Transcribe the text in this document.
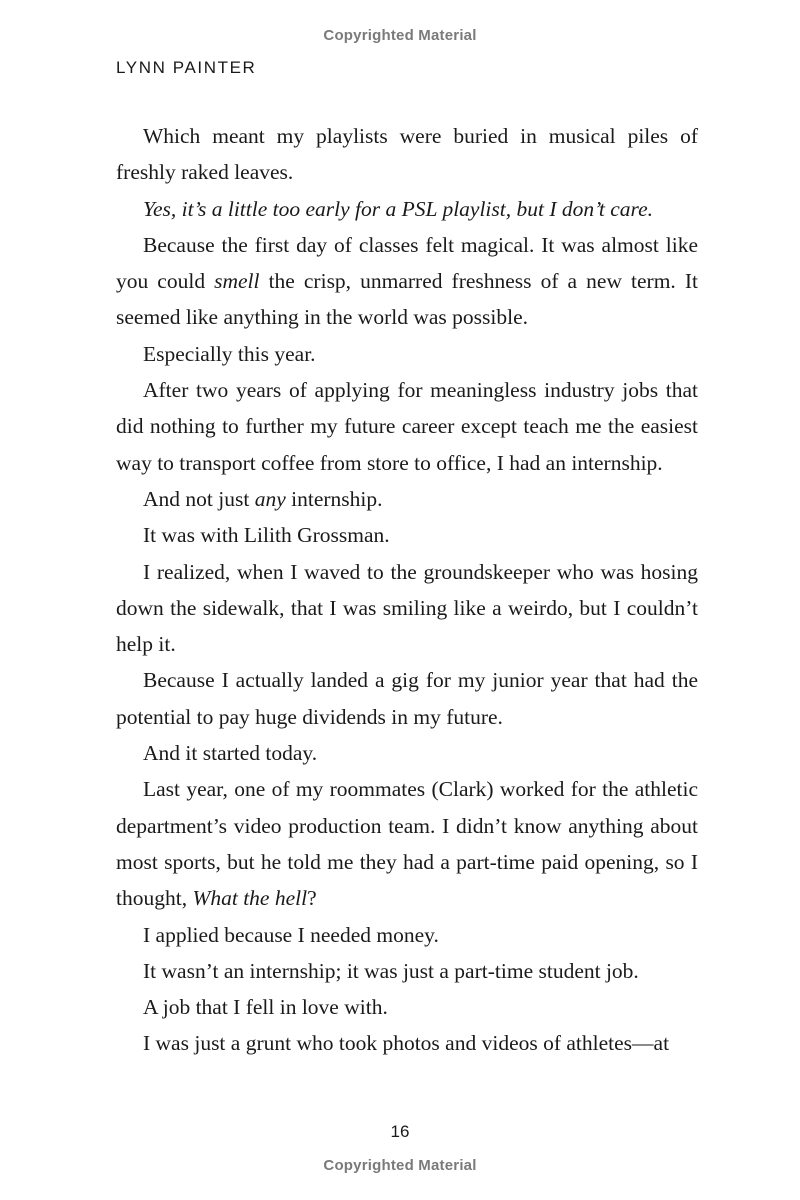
Copyrighted Material
LYNN PAINTER

Which meant my playlists were buried in musical piles of freshly raked leaves.

Yes, it’s a little too early for a PSL playlist, but I don’t care.

Because the first day of classes felt magical. It was almost like you could smell the crisp, unmarred freshness of a new term. It seemed like anything in the world was possible.

Especially this year.

After two years of applying for meaningless industry jobs that did nothing to further my future career except teach me the easiest way to transport coffee from store to office, I had an internship.

And not just any internship.

It was with Lilith Grossman.

I realized, when I waved to the groundskeeper who was hosing down the sidewalk, that I was smiling like a weirdo, but I couldn’t help it.

Because I actually landed a gig for my junior year that had the potential to pay huge dividends in my future.

And it started today.

Last year, one of my roommates (Clark) worked for the athletic department’s video production team. I didn’t know anything about most sports, but he told me they had a part-time paid opening, so I thought, What the hell?

I applied because I needed money.

It wasn’t an internship; it was just a part-time student job.

A job that I fell in love with.

I was just a grunt who took photos and videos of athletes—at

16
Copyrighted Material
